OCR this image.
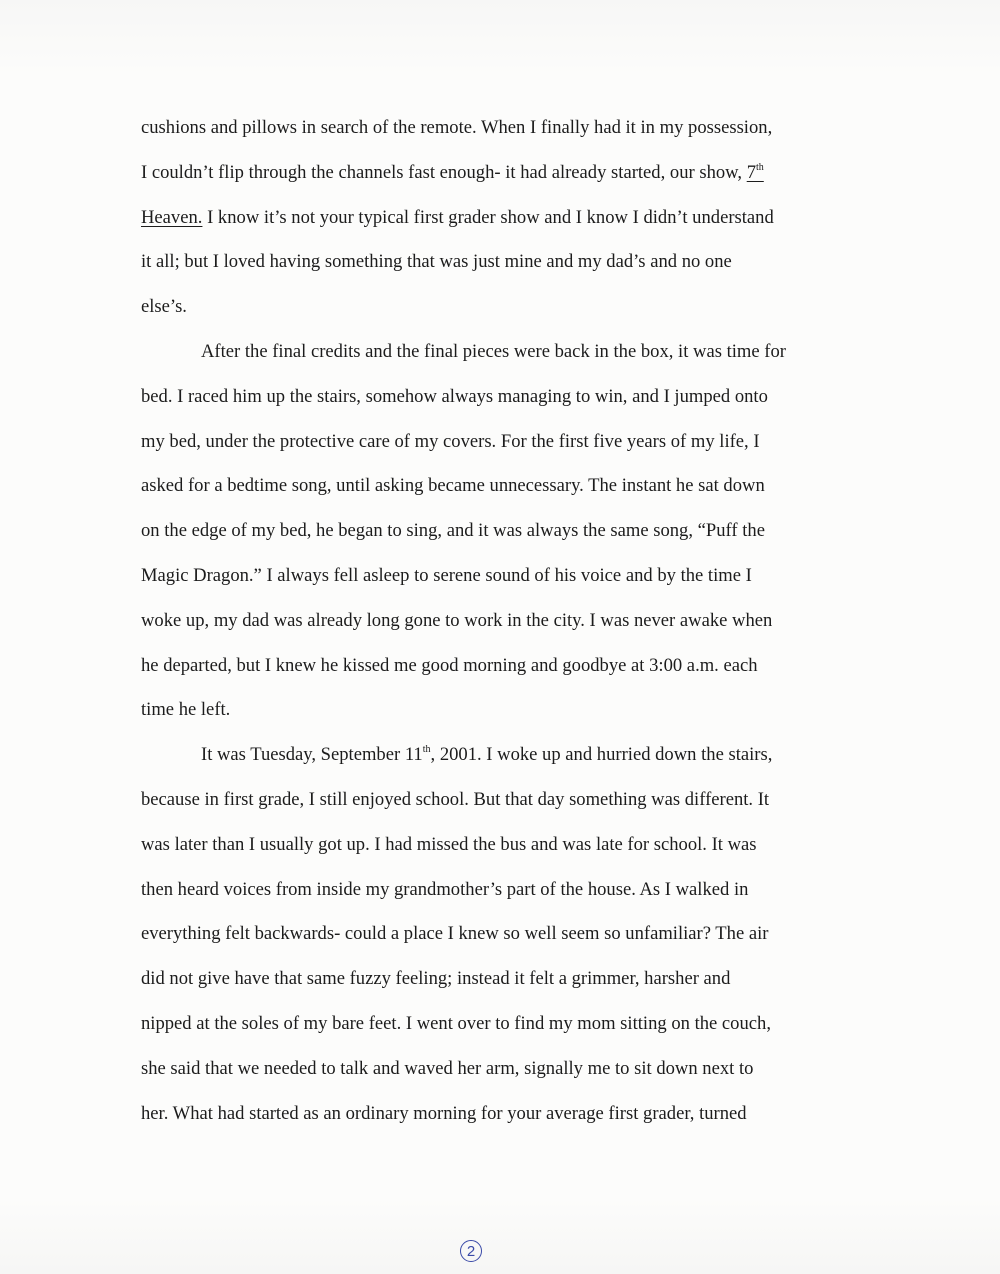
cushions and pillows in search of the remote. When I finally had it in my possession,
I couldn’t flip through the channels fast enough- it had already started, our show, 7th
Heaven. I know it’s not your typical first grader show and I know I didn’t understand
it all; but I loved having something that was just mine and my dad’s and no one
else’s.
After the final credits and the final pieces were back in the box, it was time for
bed. I raced him up the stairs, somehow always managing to win, and I jumped onto
my bed, under the protective care of my covers. For the first five years of my life, I
asked for a bedtime song, until asking became unnecessary. The instant he sat down
on the edge of my bed, he began to sing, and it was always the same song, “Puff the
Magic Dragon.” I always fell asleep to serene sound of his voice and by the time I
woke up, my dad was already long gone to work in the city. I was never awake when
he departed, but I knew he kissed me good morning and goodbye at 3:00 a.m. each
time he left.
It was Tuesday, September 11th, 2001. I woke up and hurried down the stairs,
because in first grade, I still enjoyed school. But that day something was different. It
was later than I usually got up. I had missed the bus and was late for school. It was
then heard voices from inside my grandmother’s part of the house. As I walked in
everything felt backwards- could a place I knew so well seem so unfamiliar? The air
did not give have that same fuzzy feeling; instead it felt a grimmer, harsher and
nipped at the soles of my bare feet. I went over to find my mom sitting on the couch,
she said that we needed to talk and waved her arm, signally me to sit down next to
her. What had started as an ordinary morning for your average first grader, turned
2
